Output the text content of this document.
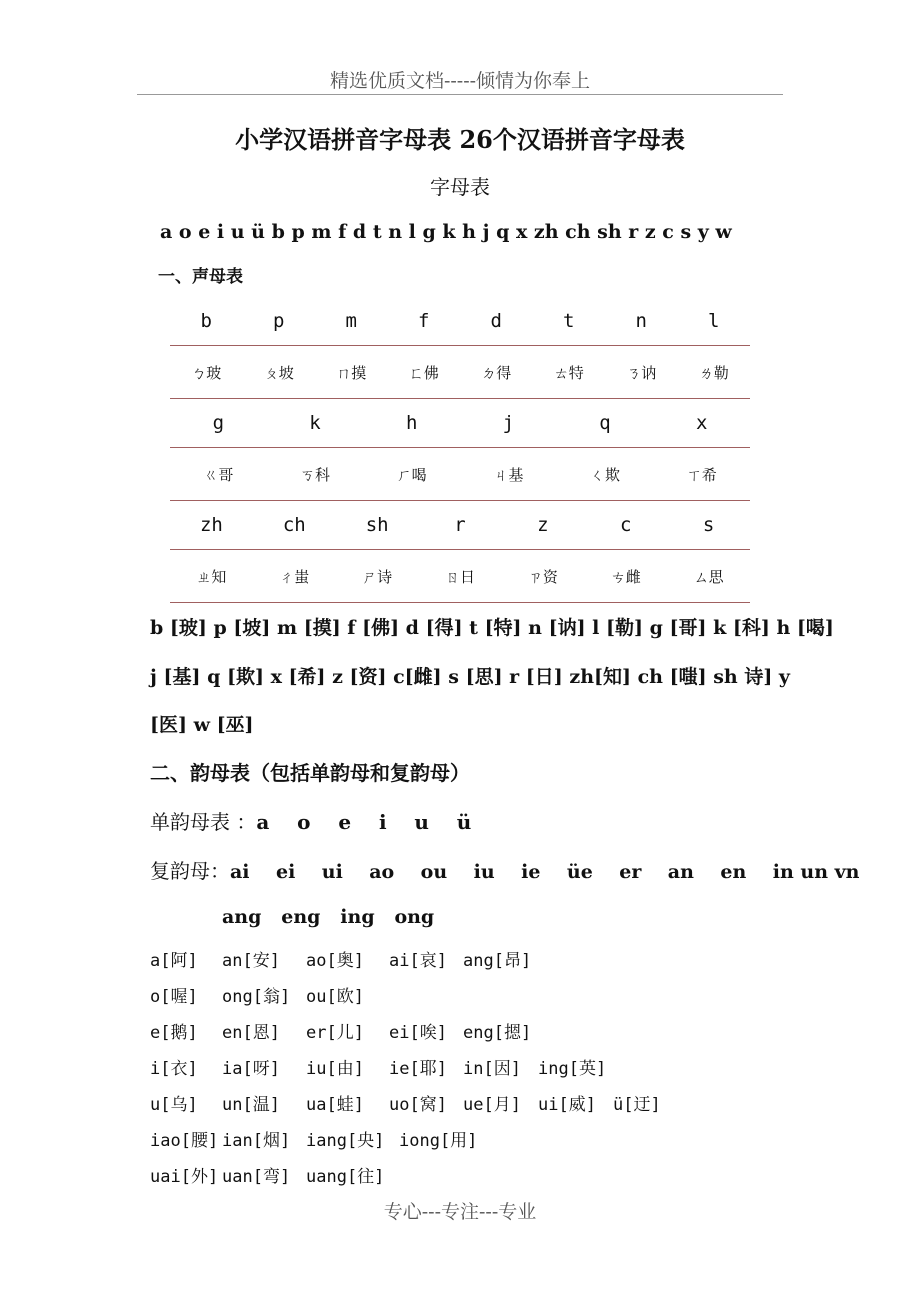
精选优质文档-----倾情为你奉上
小学汉语拼音字母表 26个汉语拼音字母表
字母表
a o e i u ü b p m f d t n l g k h j q x zh ch sh r z c s y w
一、声母表
b	p	m	f	d	t	n	l
ㄅ玻	ㄆ坡	ㄇ摸	ㄈ佛	ㄉ得	ㄊ特	ㄋ讷	ㄌ勒
g	k	h	j	q	x
ㄍ哥	ㄎ科	ㄏ喝	ㄐ基	ㄑ欺	ㄒ希
zh	ch	sh	r	z	c	s
ㄓ知	ㄔ蚩	ㄕ诗	ㄖ日	ㄗ资	ㄘ雌	ㄙ思
b [玻] p [坡] m [摸] f [佛] d [得] t [特] n [讷] l [勒] g [哥] k [科] h [喝]
j [基] q [欺] x [希] z [资] c[雌] s [思] r [日] zh[知] ch [嗤] sh 诗] y
[医] w [巫]
二、韵母表（包括单韵母和复韵母）
单韵母表 ：a    o    e    i    u    ü
复韵母：ai    ei    ui    ao    ou    iu    ie    üe    er    an    en    in un vn
ang   eng   ing   ong
a[阿] an[安] ao[奥] ai[哀] ang[昂]
o[喔] ong[翁] ou[欧]
e[鹅] en[恩] er[儿] ei[唉] eng[摁]
i[衣] ia[呀] iu[由] ie[耶] in[因] ing[英]
u[乌] un[温] ua[蛙] uo[窝] ue[月] ui[威] ü[迂]
iao[腰] ian[烟] iang[央] iong[用]
uai[外] uan[弯] uang[往]
专心---专注---专业
